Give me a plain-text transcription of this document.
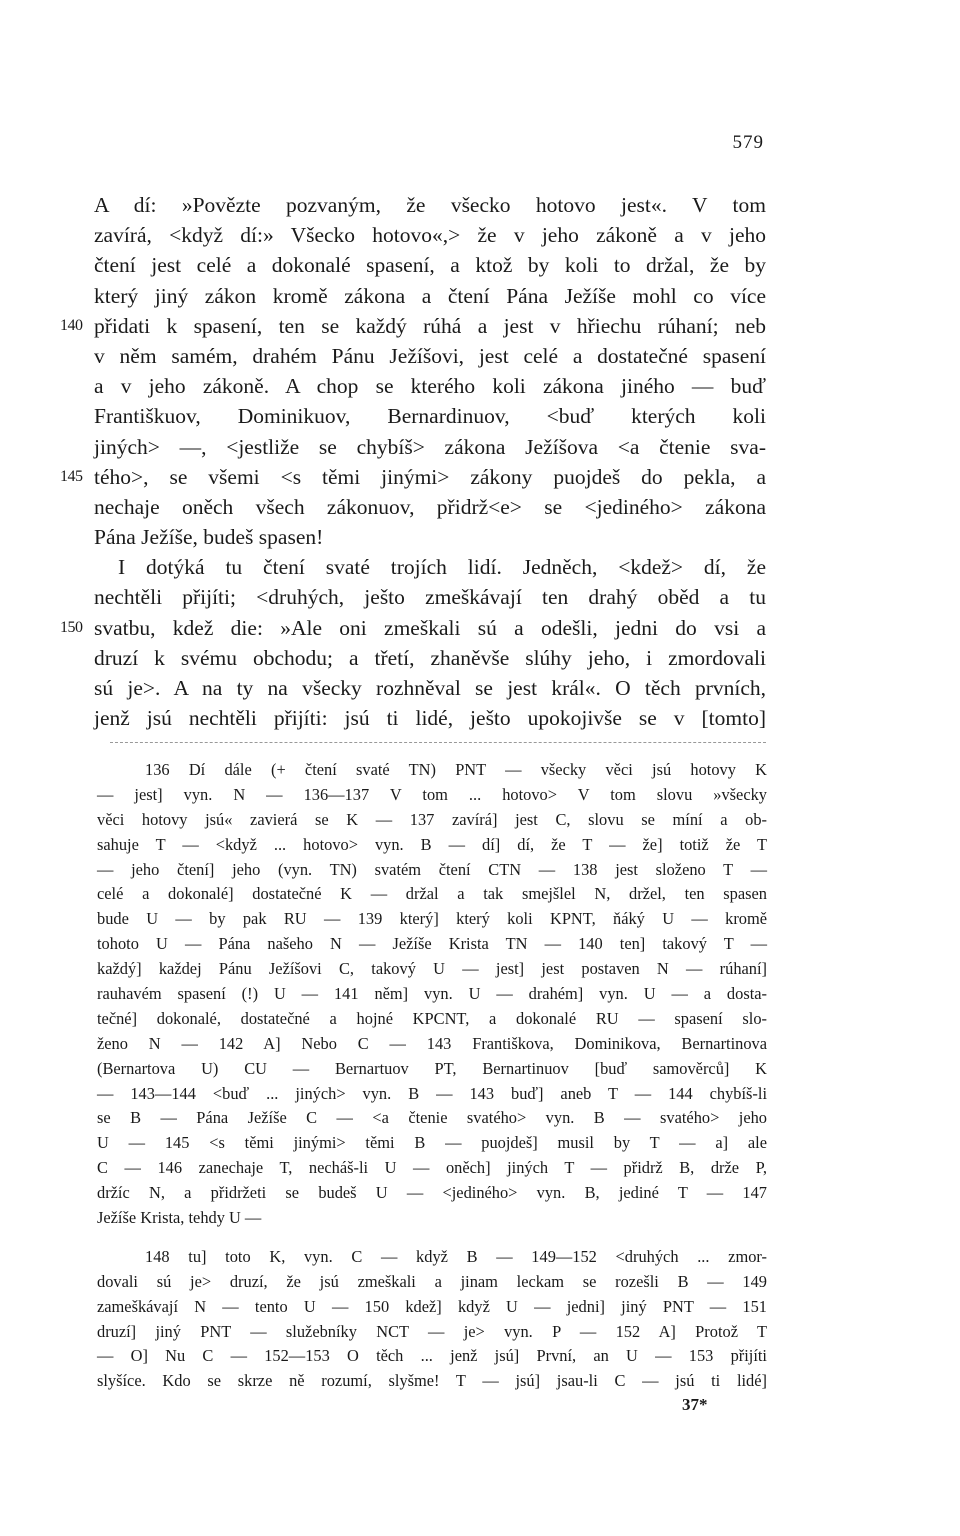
579
A dí: »Povězte pozvaným, že všecko hotovo jest«. V tom
zavírá, <když dí:» Všecko hotovo«,> že v jeho zákoně a v jeho
čtení jest celé a dokonalé spasení, a ktož by koli to držal, že by
který jiný zákon kromě zákona a čtení Pána Ježíše mohl co více
140 přidati k spasení, ten se každý rúhá a jest v hřiechu rúhaní; neb
v něm samém, drahém Pánu Ježíšovi, jest celé a dostatečné spasení
a v jeho zákoně. A chop se kterého koli zákona jiného — buď
Františkuov, Dominikuov, Bernardinuov, <buď kterých koli
jiných> —, <jestliže se chybíš> zákona Ježíšova <a čtenie sva-
145 tého>, se všemi <s těmi jinými> zákony puojdeš do pekla, a
nechaje oněch všech zákonuov, přidrž<e> se <jediného> zákona
Pána Ježíše, budeš spasen!
I dotýká tu čtení svaté trojích lidí. Jedněch, <kdež> dí, že
nechtěli přijíti; <druhých, ješto zmeškávají ten drahý oběd a tu
150 svatbu, kdež die: »Ale oni zmeškali sú a odešli, jedni do vsi a
druzí k svému obchodu; a třetí, zhaněvše slúhy jeho, i zmordovali
sú je>. A na ty na všecky rozhněval se jest král«. O těch prvních,
jenž jsú nechtěli přijíti: jsú ti lidé, ješto upokojivše se v [tomto]
136 Dí dále (+ čtení svaté TN) PNT — všecky věci jsú hotovy K
— jest] vyn. N — 136—137 V tom ... hotovo> V tom slovu »všecky
věci hotovy jsú« zavierá se K — 137 zavírá] jest C, slovu se míní a ob-
sahuje T — <když ... hotovo> vyn. B — dí] dí, že T — že] totiž že T
— jeho čtení] jeho (vyn. TN) svatém čtení CTN — 138 jest složeno T —
celé a dokonalé] dostatečné K — držal a tak smejšlel N, držel, ten spasen
bude U — by pak RU — 139 který] který koli KPNT, ňáký U — kromě
tohoto U — Pána našeho N — Ježíše Krista TN — 140 ten] takový T —
každý] každej Pánu Ježíšovi C, takový U — jest] jest postaven N — rúhaní]
rauhavém spasení (!) U — 141 něm] vyn. U — drahém] vyn. U — a dosta-
tečné] dokonalé, dostatečné a hojné KPCNT, a dokonalé RU — spasení slo-
ženo N — 142 A] Nebo C — 143 Františkova, Dominikova, Bernartinova
(Bernartova U) CU — Bernartuov PT, Bernartinuov [buď samověrců] K
— 143—144 <buď ... jiných> vyn. B — 143 buď] aneb T — 144 chybíš-li
se B — Pána Ježíše C — <a čtenie svatého> vyn. B — svatého> jeho
U — 145 <s těmi jinými> těmi B — puojdeš] musil by T — a] ale
C — 146 zanechaje T, necháš-li U — oněch] jiných T — přidrž B, drže P,
držíc N, a přidržeti se budeš U — <jediného> vyn. B, jediné T — 147
Ježíše Krista, tehdy U —
148 tu] toto K, vyn. C — když B — 149—152 <druhých ... zmor-
dovali sú je> druzí, že jsú zmeškali a jinam leckam se rozešli B — 149
zameškávají N — tento U — 150 kdež] když U — jedni] jiný PNT — 151
druzí] jiný PNT — služebníky NCT — je> vyn. P — 152 A] Protož T
— O] Nu C — 152—153 O těch ... jenž jsú] První, an U — 153 přijíti
slyšíce. Kdo se skrze ně rozumí, slyšme! T — jsú] jsau-li C — jsú ti lidé]
37*
